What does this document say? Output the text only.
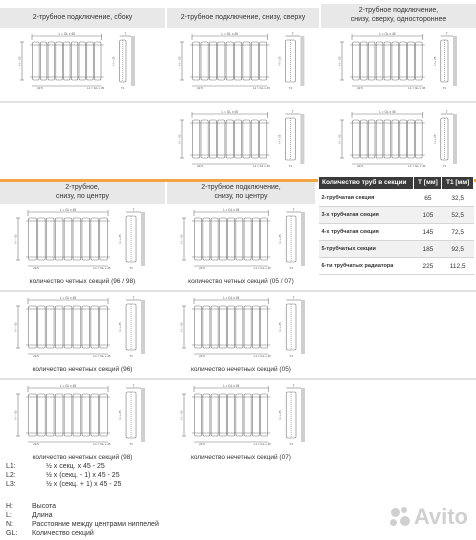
2-трубное подключение, сбоку	2-трубное подключение, снизу, сверху
2-трубное подключение,
снизу, сверху, одностороннее
L = GL x 45
H − 63
22,5	L1 = GL x 45
T
H + 25
T1
L = GL x 45
H − 63
22,5	L1 = GL x 45
T
H + 25
T1
L = GL x 45
H − 63
22,5	L1 = GL x 45
T
H + 25
T1
L = GL x 45
H − 63
22,5	L1 = GL x 45
T
H + 25
T1
L = GL x 45
H − 63
22,5	L1 = GL x 45
T
H + 25
T1
2-трубное,
снизу, по центру
2-трубное подключение,
снизу, по центру
Количество труб в секции	T [мм]	T1 [мм]
2-трубчатая секция	65	32,5
3-х трубчатая секция	105	52,5
4-х трубчатая секция	145	72,5
5-трубчатых секции	185	92,5
6-ти трубчатых радиатора	225	112,5
L = GL x 45
H − 63
22,5	L1 = GL x 45
T
H + 25
T1
L = GL x 45
H − 63
22,5	L1 = GL x 45
T
H + 25
T1
количество четных секций (96 / 98)	количество четных секций (05 / 07)
L = GL x 45
H − 63
22,5	L1 = GL x 45
T
H + 25
T1
L = GL x 45
H − 63
22,5	L1 = GL x 45
T
H + 25
T1
количество нечетных секций (96)	количество нечетных секций (05)
L = GL x 45
H − 63
22,5	L1 = GL x 45
T
H + 25
T1
L = GL x 45
H − 63
22,5	L1 = GL x 45
T
H + 25
T1
количество нечетных секций (98)	количество нечетных секций (07)
L1:	½ x секц. x 45 - 25
L2:	½ x (секц. - 1) x 45 - 25
L3:	½ x (секц. + 1) x 45 - 25
H:	Высота
L:	Длина
N:	Расстояние между центрами ниппелей
GL: Количество секций
Avito
